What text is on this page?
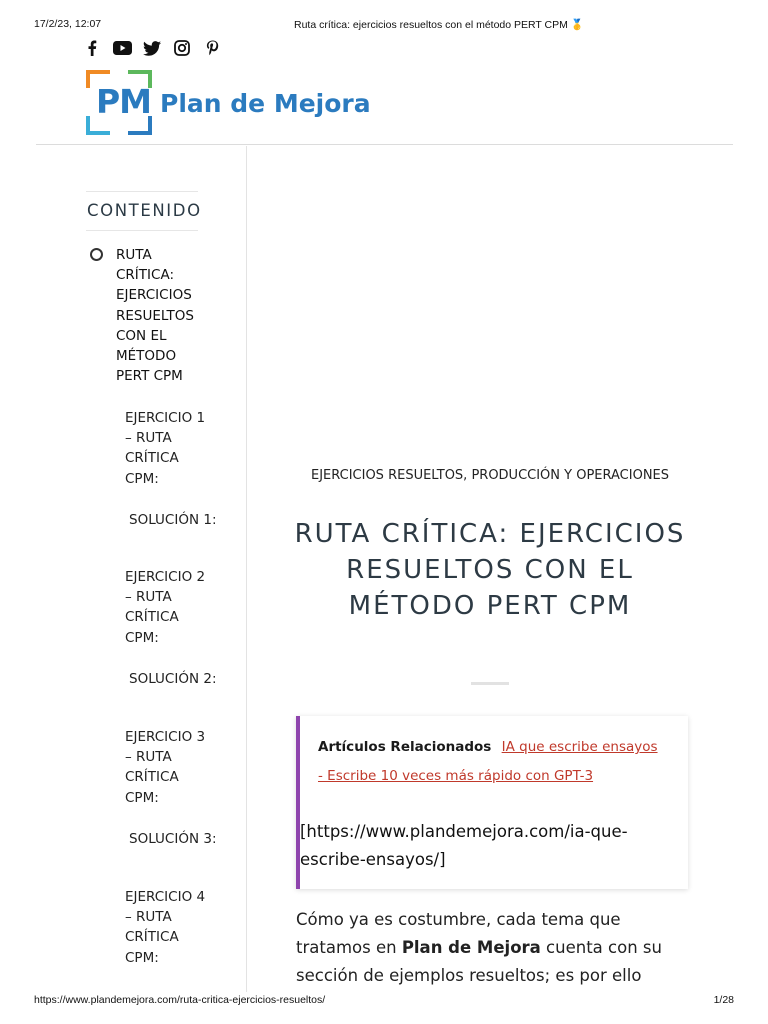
17/2/23, 12:07	Ruta crítica: ejercicios resueltos con el método PERT CPM 🥇
PM Plan de Mejora
CONTENIDO
RUTA CRÍTICA: EJERCICIOS RESUELTOS CON EL MÉTODO PERT CPM

EJERCICIO 1 – RUTA CRÍTICA CPM:

SOLUCIÓN 1:

EJERCICIO 2 – RUTA CRÍTICA CPM:

SOLUCIÓN 2:

EJERCICIO 3 – RUTA CRÍTICA CPM:

SOLUCIÓN 3:

EJERCICIO 4 – RUTA CRÍTICA CPM:

EJERCICIOS RESUELTOS, PRODUCCIÓN Y OPERACIONES
RUTA CRÍTICA: EJERCICIOS RESUELTOS CON EL MÉTODO PERT CPM
Artículos Relacionados IA que escribe ensayos - Escribe 10 veces más rápido con GPT-3
[https://www.plandemejora.com/ia-que-escribe-ensayos/]

Cómo ya es costumbre, cada tema que tratamos en Plan de Mejora cuenta con su sección de ejemplos resueltos; es por ello

https://www.plandemejora.com/ruta-critica-ejercicios-resueltos/	1/28
